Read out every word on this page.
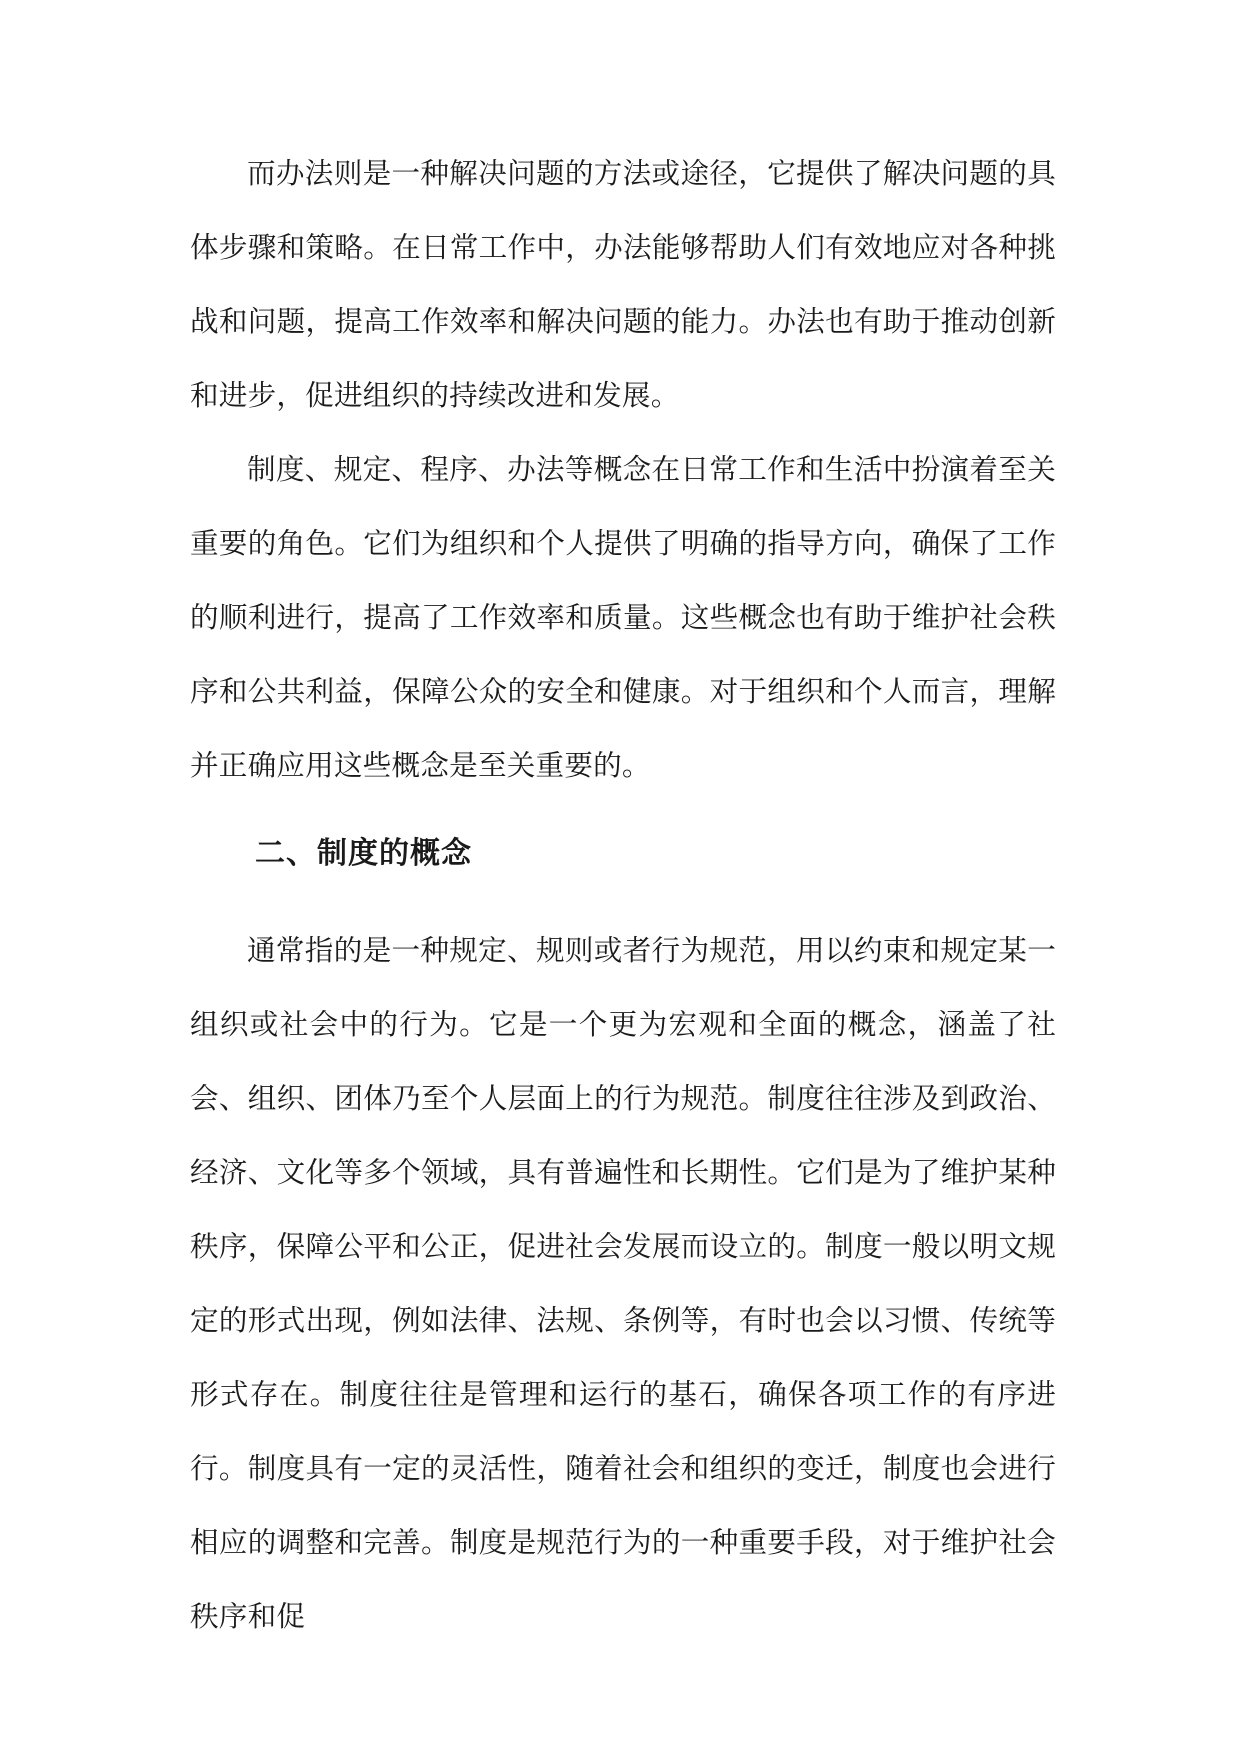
而办法则是一种解决问题的方法或途径，它提供了解决问题的具体步骤和策略。在日常工作中，办法能够帮助人们有效地应对各种挑战和问题，提高工作效率和解决问题的能力。办法也有助于推动创新和进步，促进组织的持续改进和发展。

制度、规定、程序、办法等概念在日常工作和生活中扮演着至关重要的角色。它们为组织和个人提供了明确的指导方向，确保了工作的顺利进行，提高了工作效率和质量。这些概念也有助于维护社会秩序和公共利益，保障公众的安全和健康。对于组织和个人而言，理解并正确应用这些概念是至关重要的。

二、制度的概念

通常指的是一种规定、规则或者行为规范，用以约束和规定某一组织或社会中的行为。它是一个更为宏观和全面的概念，涵盖了社会、组织、团体乃至个人层面上的行为规范。制度往往涉及到政治、经济、文化等多个领域，具有普遍性和长期性。它们是为了维护某种秩序，保障公平和公正，促进社会发展而设立的。制度一般以明文规定的形式出现，例如法律、法规、条例等，有时也会以习惯、传统等形式存在。制度往往是管理和运行的基石，确保各项工作的有序进行。制度具有一定的灵活性，随着社会和组织的变迁，制度也会进行相应的调整和完善。制度是规范行为的一种重要手段，对于维护社会秩序和促
